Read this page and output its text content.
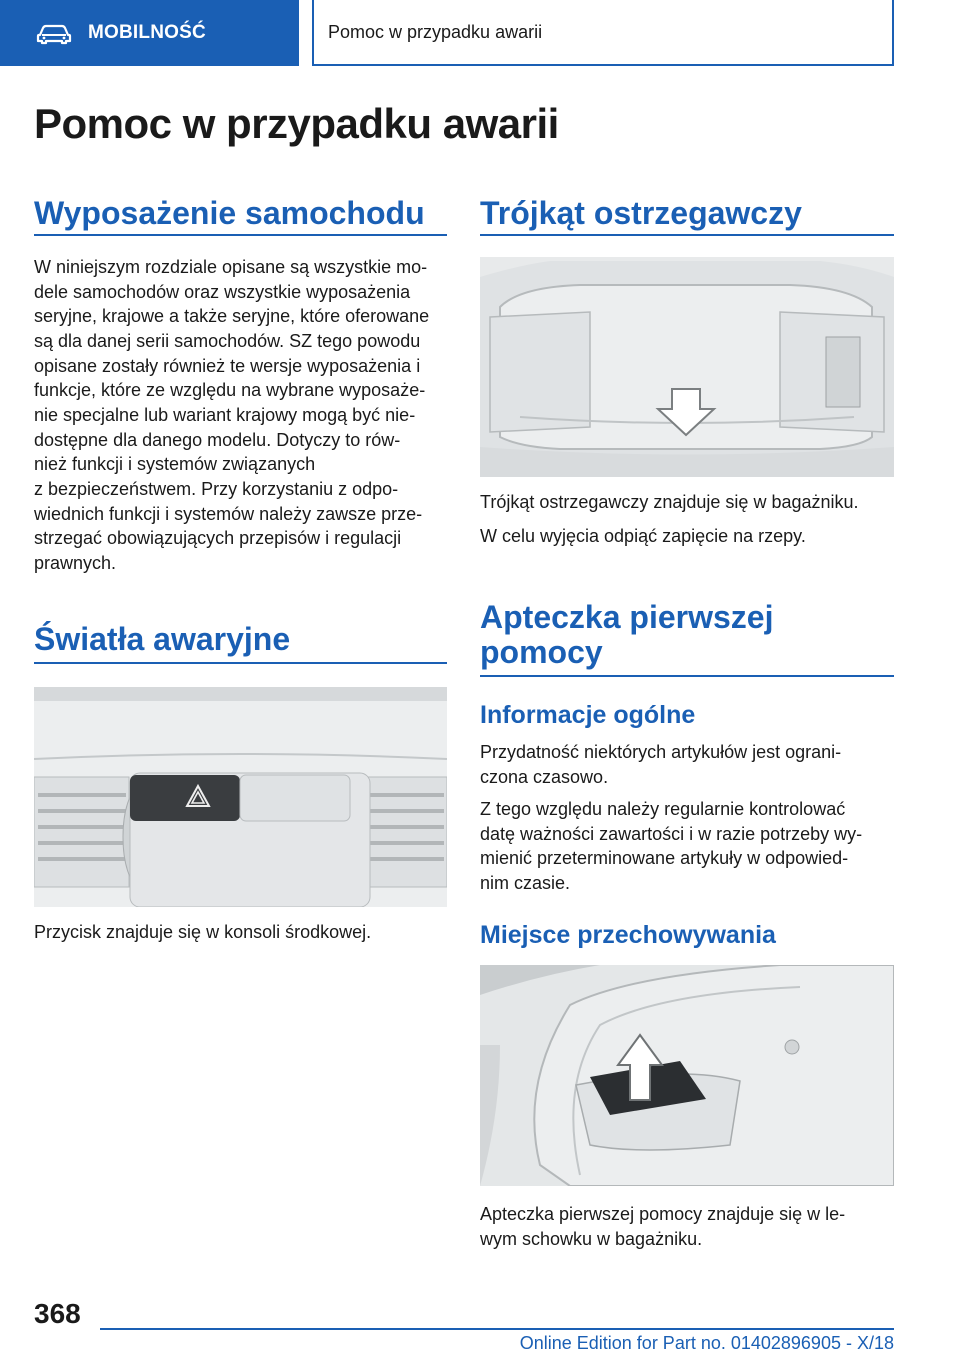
MOBILNOŚĆ	Pomoc w przypadku awarii
Pomoc w przypadku awarii
Wyposażenie samochodu
W niniejszym rozdziale opisane są wszystkie mo-
dele samochodów oraz wszystkie wyposażenia
seryjne, krajowe a także seryjne, które oferowane
są dla danej serii samochodów. SZ tego powodu
opisane zostały również te wersje wyposażenia i
funkcje, które ze względu na wybrane wyposaże-
nie specjalne lub wariant krajowy mogą być nie-
dostępne dla danego modelu. Dotyczy to rów-
nież funkcji i systemów związanych
z bezpieczeństwem. Przy korzystaniu z odpo-
wiednich funkcji i systemów należy zawsze prze-
strzegać obowiązujących przepisów i regulacji
prawnych.
Światła awaryjne
Przycisk znajduje się w konsoli środkowej.
Trójkąt ostrzegawczy
Trójkąt ostrzegawczy znajduje się w bagażniku.
W celu wyjęcia odpiąć zapięcie na rzepy.
Apteczka pierwszej
pomocy
Informacje ogólne
Przydatność niektórych artykułów jest ograni-
czona czasowo.
Z tego względu należy regularnie kontrolować
datę ważności zawartości i w razie potrzeby wy-
mienić przeterminowane artykuły w odpowied-
nim czasie.
Miejsce przechowywania
Apteczka pierwszej pomocy znajduje się w le-
wym schowku w bagażniku.
368
Online Edition for Part no. 01402896905 - X/18
